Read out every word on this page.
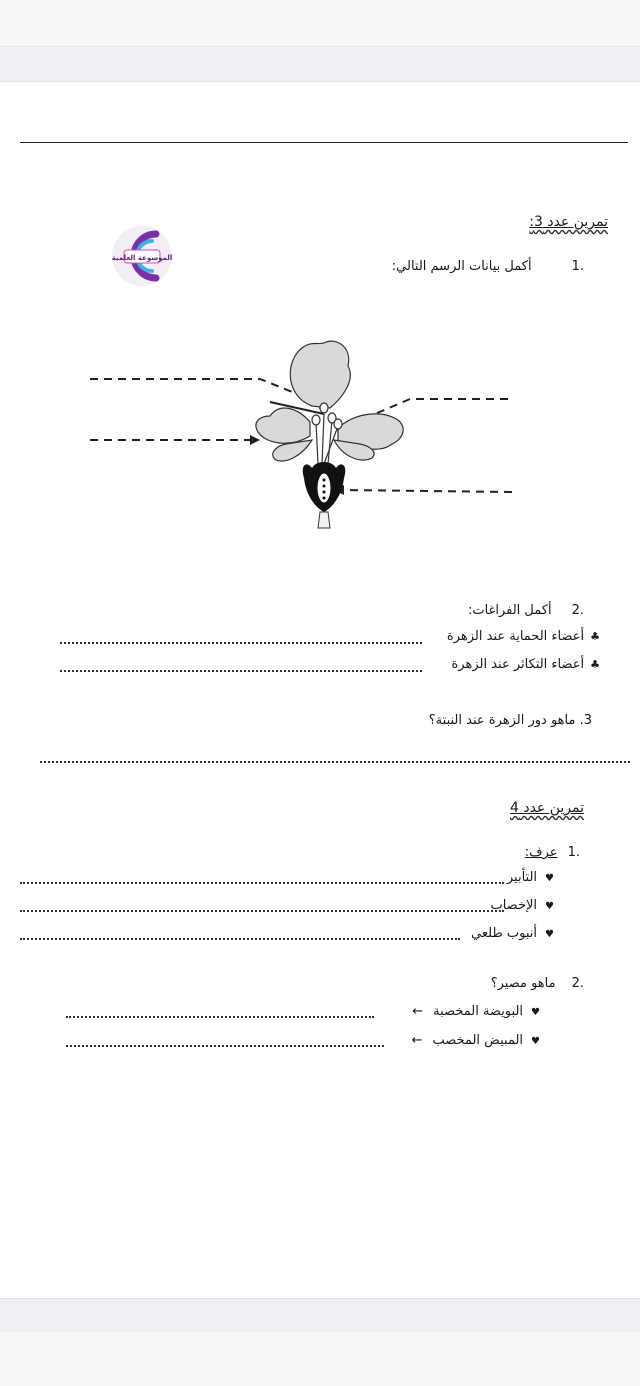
تمرين عدد 3:
الموسوعة العلمية
.1أكمل بيانات الرسم التالي:
.2أكمل الفراغات:
♣أعضاء الحماية عند الزهرة
♣أعضاء التكاثر عند الزهرة
3. ماهو دور الزهرة عند النبتة؟
تمرين عدد 4
.1عرف:
♥التأبير
♥الإخصاب
♥أنبوب طلعي
.2ماهو مصير؟
♥البويضة المخصبة←
♥المبيض المخصب←
